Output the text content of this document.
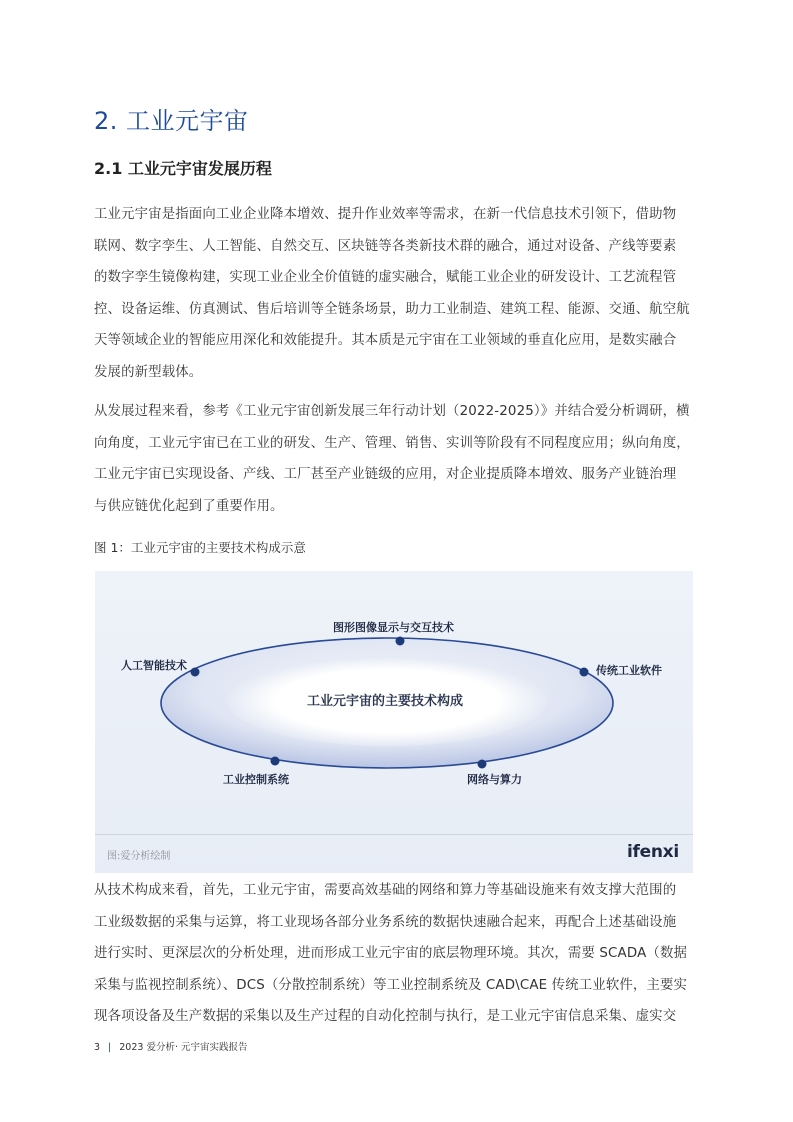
2. 工业元宇宙
2.1 工业元宇宙发展历程
工业元宇宙是指面向工业企业降本增效、提升作业效率等需求，在新一代信息技术引领下，借助物
联网、数字孪生、人工智能、自然交互、区块链等各类新技术群的融合，通过对设备、产线等要素
的数字孪生镜像构建，实现工业企业全价值链的虚实融合，赋能工业企业的研发设计、工艺流程管
控、设备运维、仿真测试、售后培训等全链条场景，助力工业制造、建筑工程、能源、交通、航空航
天等领域企业的智能应用深化和效能提升。其本质是元宇宙在工业领域的垂直化应用，是数实融合
发展的新型载体。
从发展过程来看，参考《工业元宇宙创新发展三年行动计划（2022-2025）》并结合爱分析调研，横
向角度，工业元宇宙已在工业的研发、生产、管理、销售、实训等阶段有不同程度应用；纵向角度，
工业元宇宙已实现设备、产线、工厂甚至产业链级的应用，对企业提质降本增效、服务产业链治理
与供应链优化起到了重要作用。
图 1：工业元宇宙的主要技术构成示意
图形图像显示与交互技术
人工智能技术	传统工业软件
工业控制系统	网络与算力
工业元宇宙的主要技术构成
图:爱分析绘制	ifenxi
从技术构成来看，首先，工业元宇宙，需要高效基础的网络和算力等基础设施来有效支撑大范围的
工业级数据的采集与运算，将工业现场各部分业务系统的数据快速融合起来，再配合上述基础设施
进行实时、更深层次的分析处理，进而形成工业元宇宙的底层物理环境。其次，需要 SCADA（数据
采集与监视控制系统）、DCS（分散控制系统）等工业控制系统及 CAD\CAE 传统工业软件，主要实
现各项设备及生产数据的采集以及生产过程的自动化控制与执行，是工业元宇宙信息采集、虚实交
3 | 2023 爱分析· 元宇宙实践报告
